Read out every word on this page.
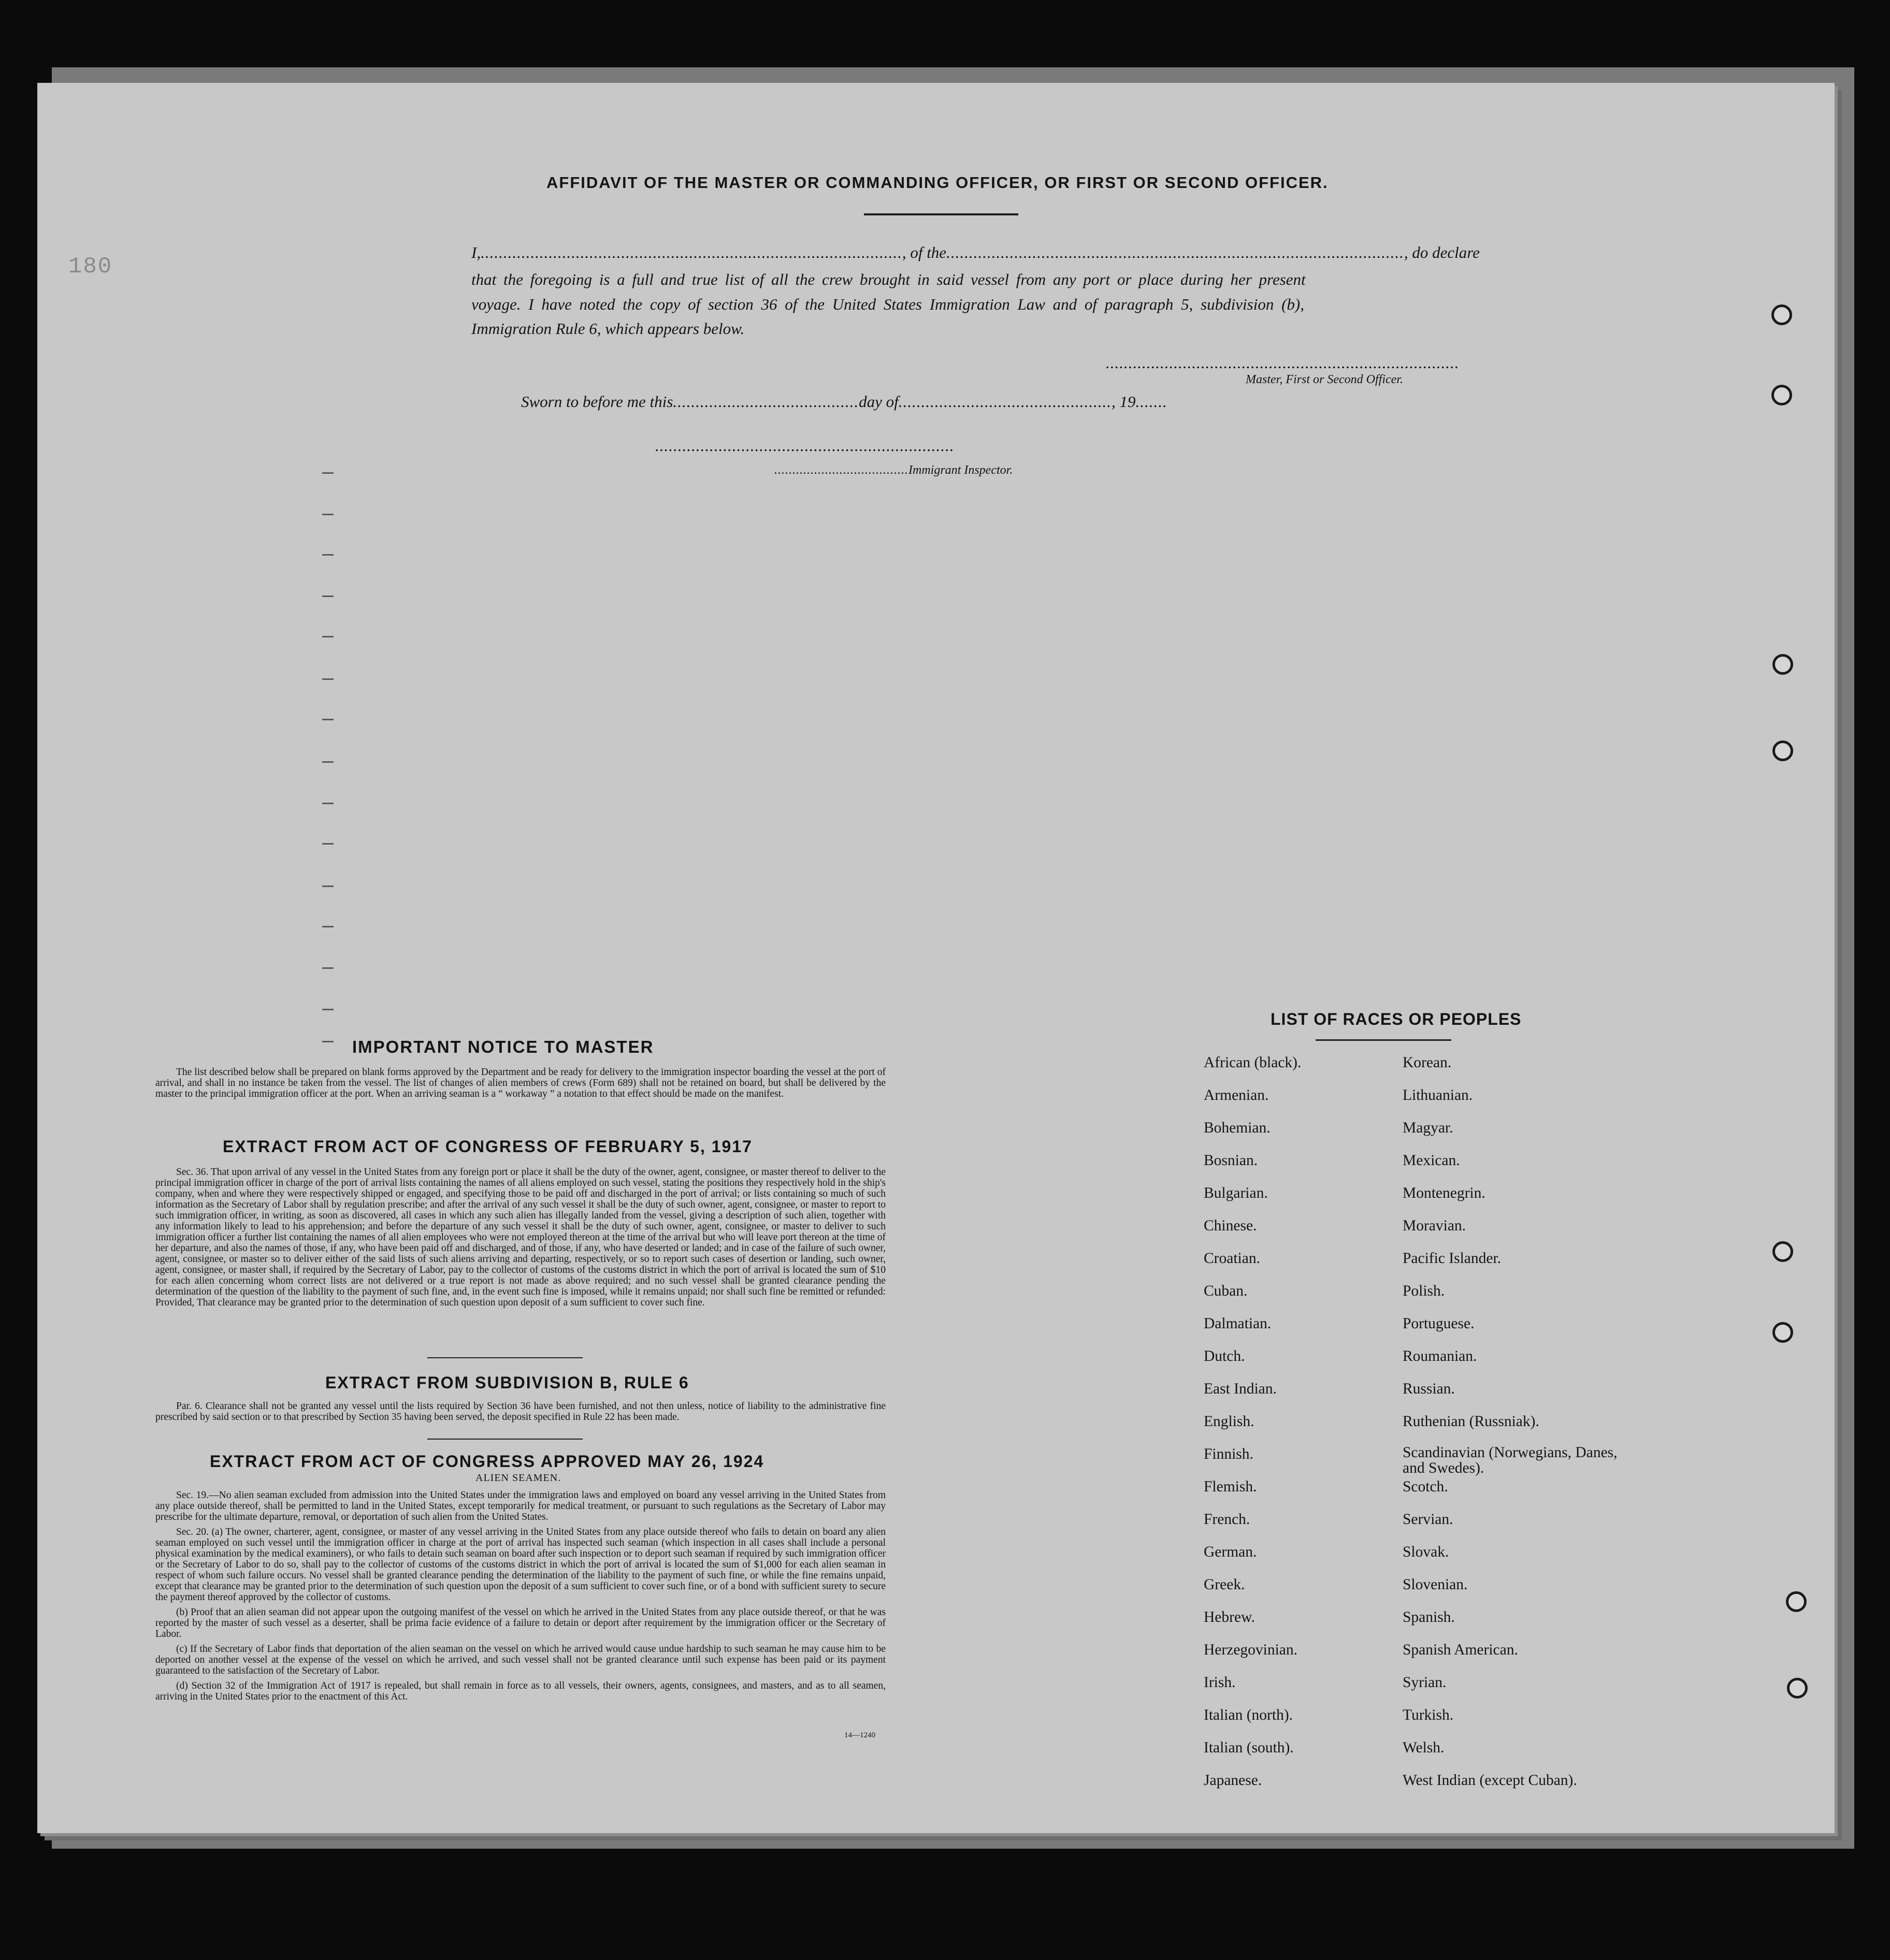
180
AFFIDAVIT OF THE MASTER OR COMMANDING OFFICER, OR FIRST OR SECOND OFFICER.
I,............................................................................................., of the....................................................................................................., do declare
that the foregoing is a full and true list of all the crew brought in said vessel from any port or place during her present
voyage. I have noted the copy of section 36 of the United States Immigration Law and of paragraph 5, subdivision (b),
Immigration Rule 6, which appears below.
..............................................................................
Master, First or Second Officer.
Sworn to before me this.........................................day of..............................................., 19.......
..................................................................
.....................................Immigrant Inspector.
IMPORTANT NOTICE TO MASTER

The list described below shall be prepared on blank forms approved by the Department and be ready for delivery to the immigration inspector boarding the vessel at the port of arrival, and shall in no instance be taken from the vessel. The list of changes of alien members of crews (Form 689) shall not be retained on board, but shall be delivered by the master to the principal immigration officer at the port. When an arriving seaman is a “ workaway ” a notation to that effect should be made on the manifest.

EXTRACT FROM ACT OF CONGRESS OF FEBRUARY 5, 1917

Sec. 36. That upon arrival of any vessel in the United States from any foreign port or place it shall be the duty of the owner, agent, consignee, or master thereof to deliver to the principal immigration officer in charge of the port of arrival lists containing the names of all aliens employed on such vessel, stating the positions they respectively hold in the ship's company, when and where they were respectively shipped or engaged, and specifying those to be paid off and discharged in the port of arrival; or lists containing so much of such information as the Secretary of Labor shall by regulation prescribe; and after the arrival of any such vessel it shall be the duty of such owner, agent, consignee, or master to report to such immigration officer, in writing, as soon as discovered, all cases in which any such alien has illegally landed from the vessel, giving a description of such alien, together with any information likely to lead to his apprehension; and before the departure of any such vessel it shall be the duty of such owner, agent, consignee, or master to deliver to such immigration officer a further list containing the names of all alien employees who were not employed thereon at the time of the arrival but who will leave port thereon at the time of her departure, and also the names of those, if any, who have been paid off and discharged, and of those, if any, who have deserted or landed; and in case of the failure of such owner, agent, consignee, or master so to deliver either of the said lists of such aliens arriving and departing, respectively, or so to report such cases of desertion or landing, such owner, agent, consignee, or master shall, if required by the Secretary of Labor, pay to the collector of customs of the customs district in which the port of arrival is located the sum of $10 for each alien concerning whom correct lists are not delivered or a true report is not made as above required; and no such vessel shall be granted clearance pending the determination of the question of the liability to the payment of such fine, and, in the event such fine is imposed, while it remains unpaid; nor shall such fine be remitted or refunded: Provided, That clearance may be granted prior to the determination of such question upon deposit of a sum sufficient to cover such fine.

EXTRACT FROM SUBDIVISION B, RULE 6

Par. 6. Clearance shall not be granted any vessel until the lists required by Section 36 have been furnished, and not then unless, notice of liability to the administrative fine prescribed by said section or to that prescribed by Section 35 having been served, the deposit specified in Rule 22 has been made.

EXTRACT FROM ACT OF CONGRESS APPROVED MAY 26, 1924
ALIEN SEAMEN.

Sec. 19.—No alien seaman excluded from admission into the United States under the immigration laws and employed on board any vessel arriving in the United States from any place outside thereof, shall be permitted to land in the United States, except temporarily for medical treatment, or pursuant to such regulations as the Secretary of Labor may prescribe for the ultimate departure, removal, or deportation of such alien from the United States.

Sec. 20. (a) The owner, charterer, agent, consignee, or master of any vessel arriving in the United States from any place outside thereof who fails to detain on board any alien seaman employed on such vessel until the immigration officer in charge at the port of arrival has inspected such seaman (which inspection in all cases shall include a personal physical examination by the medical examiners), or who fails to detain such seaman on board after such inspection or to deport such seaman if required by such immigration officer or the Secretary of Labor to do so, shall pay to the collector of customs of the customs district in which the port of arrival is located the sum of $1,000 for each alien seaman in respect of whom such failure occurs. No vessel shall be granted clearance pending the determination of the liability to the payment of such fine, or while the fine remains unpaid, except that clearance may be granted prior to the determination of such question upon the deposit of a sum sufficient to cover such fine, or of a bond with sufficient surety to secure the payment thereof approved by the collector of customs.

(b) Proof that an alien seaman did not appear upon the outgoing manifest of the vessel on which he arrived in the United States from any place outside thereof, or that he was reported by the master of such vessel as a deserter, shall be prima facie evidence of a failure to detain or deport after requirement by the immigration officer or the Secretary of Labor.

(c) If the Secretary of Labor finds that deportation of the alien seaman on the vessel on which he arrived would cause undue hardship to such seaman he may cause him to be deported on another vessel at the expense of the vessel on which he arrived, and such vessel shall not be granted clearance until such expense has been paid or its payment guaranteed to the satisfaction of the Secretary of Labor.

(d) Section 32 of the Immigration Act of 1917 is repealed, but shall remain in force as to all vessels, their owners, agents, consignees, and masters, and as to all seamen, arriving in the United States prior to the enactment of this Act.

14—1240
LIST OF RACES OR PEOPLES
African (black).
Armenian.
Bohemian.
Bosnian.
Bulgarian.
Chinese.
Croatian.
Cuban.
Dalmatian.
Dutch.
East Indian.
English.
Finnish.
Flemish.
French.
German.
Greek.
Hebrew.
Herzegovinian.
Irish.
Italian (north).
Italian (south).
Japanese.
Korean.
Lithuanian.
Magyar.
Mexican.
Montenegrin.
Moravian.
Pacific Islander.
Polish.
Portuguese.
Roumanian.
Russian.
Ruthenian (Russniak).
Scandinavian (Norwegians, Danes, and Swedes).
Scotch.
Servian.
Slovak.
Slovenian.
Spanish.
Spanish American.
Syrian.
Turkish.
Welsh.
West Indian (except Cuban).
